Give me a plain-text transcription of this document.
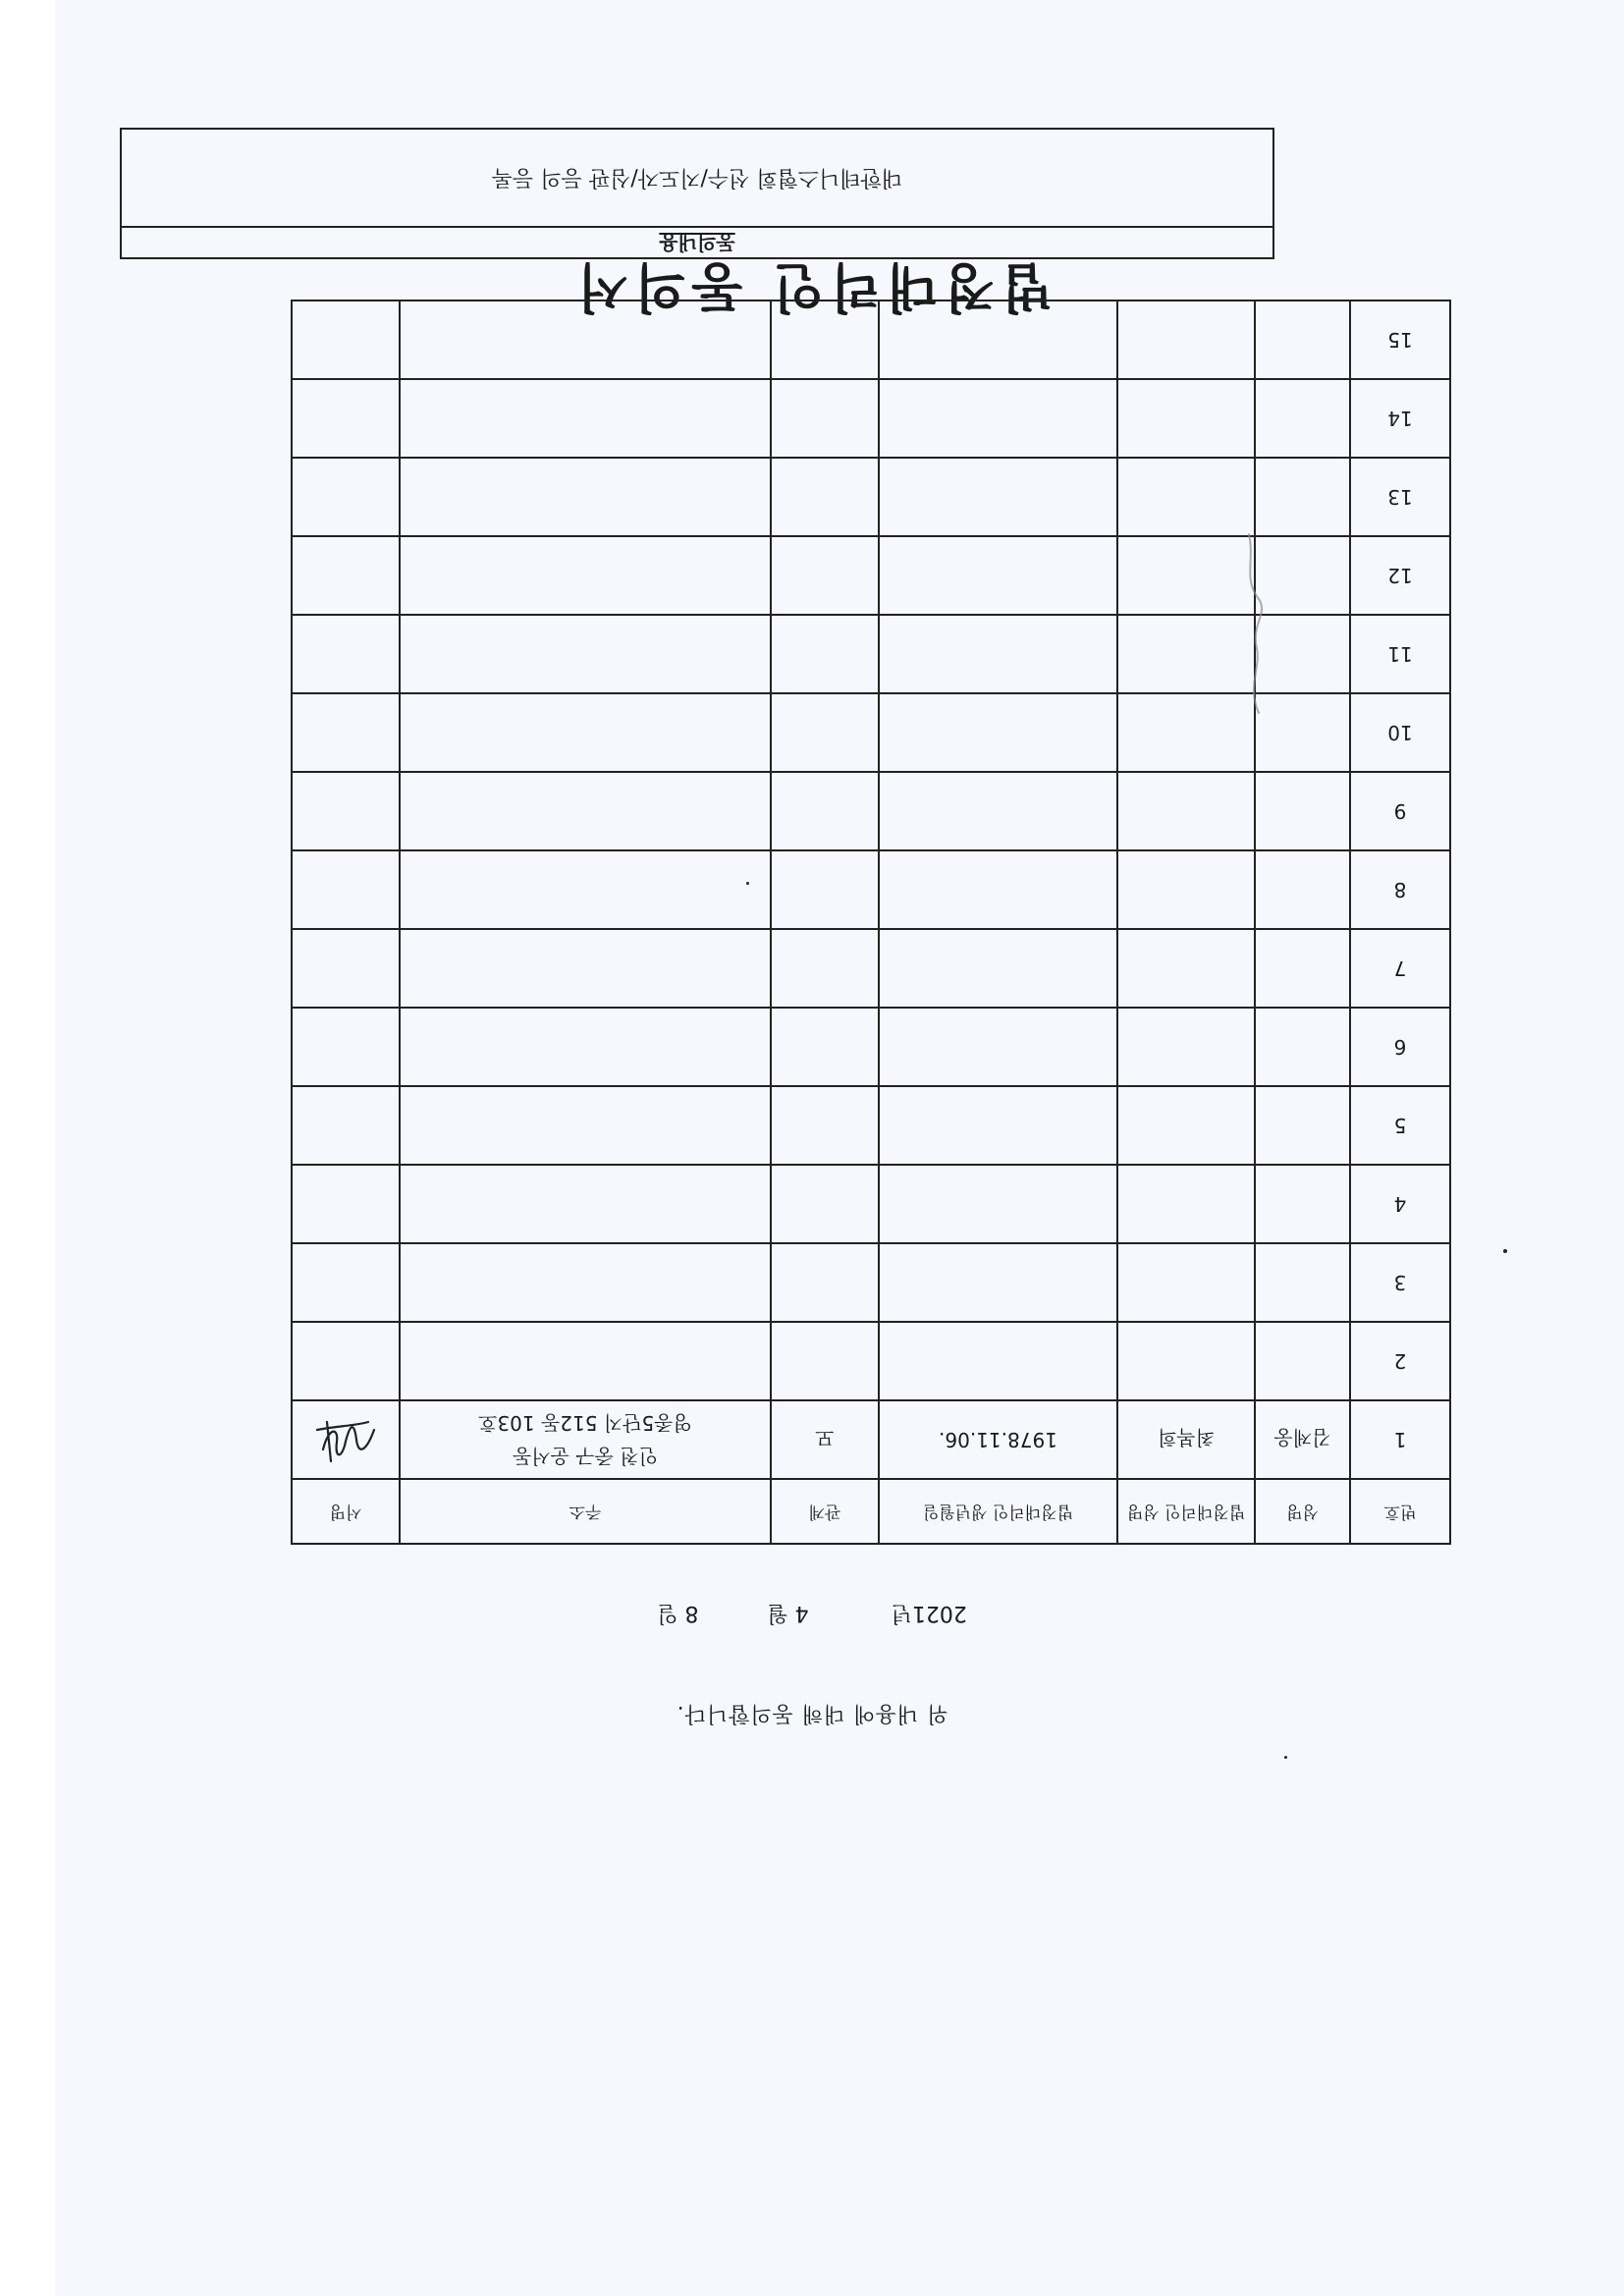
법정대리인 동의서
동의내용
대한테니스협회 선수/지도자/심판 등의 등록
위 내용에 대해 동의합니다.
2021년            4 월          8 일
번호	성명	법정대리인 성명	법정대리인 생년월일	관계	주소	서명
1	김제웅	최복희	1978.11.06.	모	인천 중구 운서동
영종5단지 512동 103호

2						
3						
4						
5						
6						
7						
8						
9						
10						
11						
12						
13						
14						
15						
